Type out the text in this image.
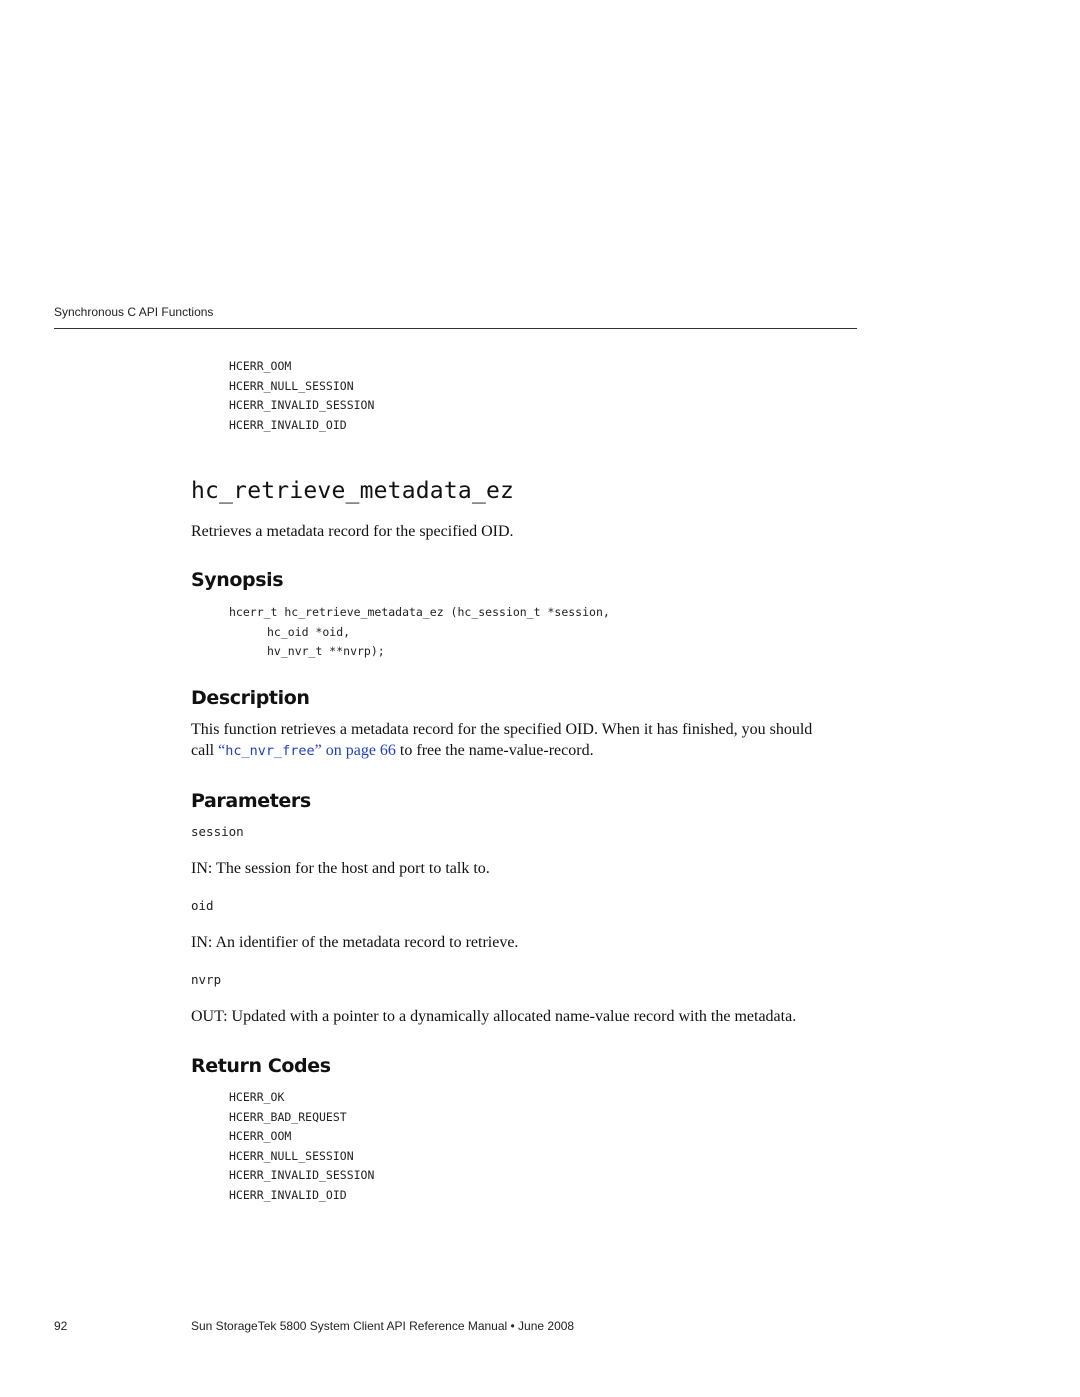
Synchronous C API Functions
HCERR_OOM
HCERR_NULL_SESSION
HCERR_INVALID_SESSION
HCERR_INVALID_OID
hc_retrieve_metadata_ez

Retrieves a metadata record for the specified OID.

Synopsis
hcerr_t hc_retrieve_metadata_ez (hc_session_t *session,
hc_oid *oid,
hv_nvr_t **nvrp);
Description

This function retrieves a metadata record for the specified OID. When it has finished, you should call “hc_nvr_free” on page 66 to free the name-value-record.

Parameters
session

IN: The session for the host and port to talk to.

oid

IN: An identifier of the metadata record to retrieve.

nvrp

OUT: Updated with a pointer to a dynamically allocated name-value record with the metadata.

Return Codes
HCERR_OK
HCERR_BAD_REQUEST
HCERR_OOM
HCERR_NULL_SESSION
HCERR_INVALID_SESSION
HCERR_INVALID_OID
92	Sun StorageTek 5800 System Client API Reference Manual • June 2008
